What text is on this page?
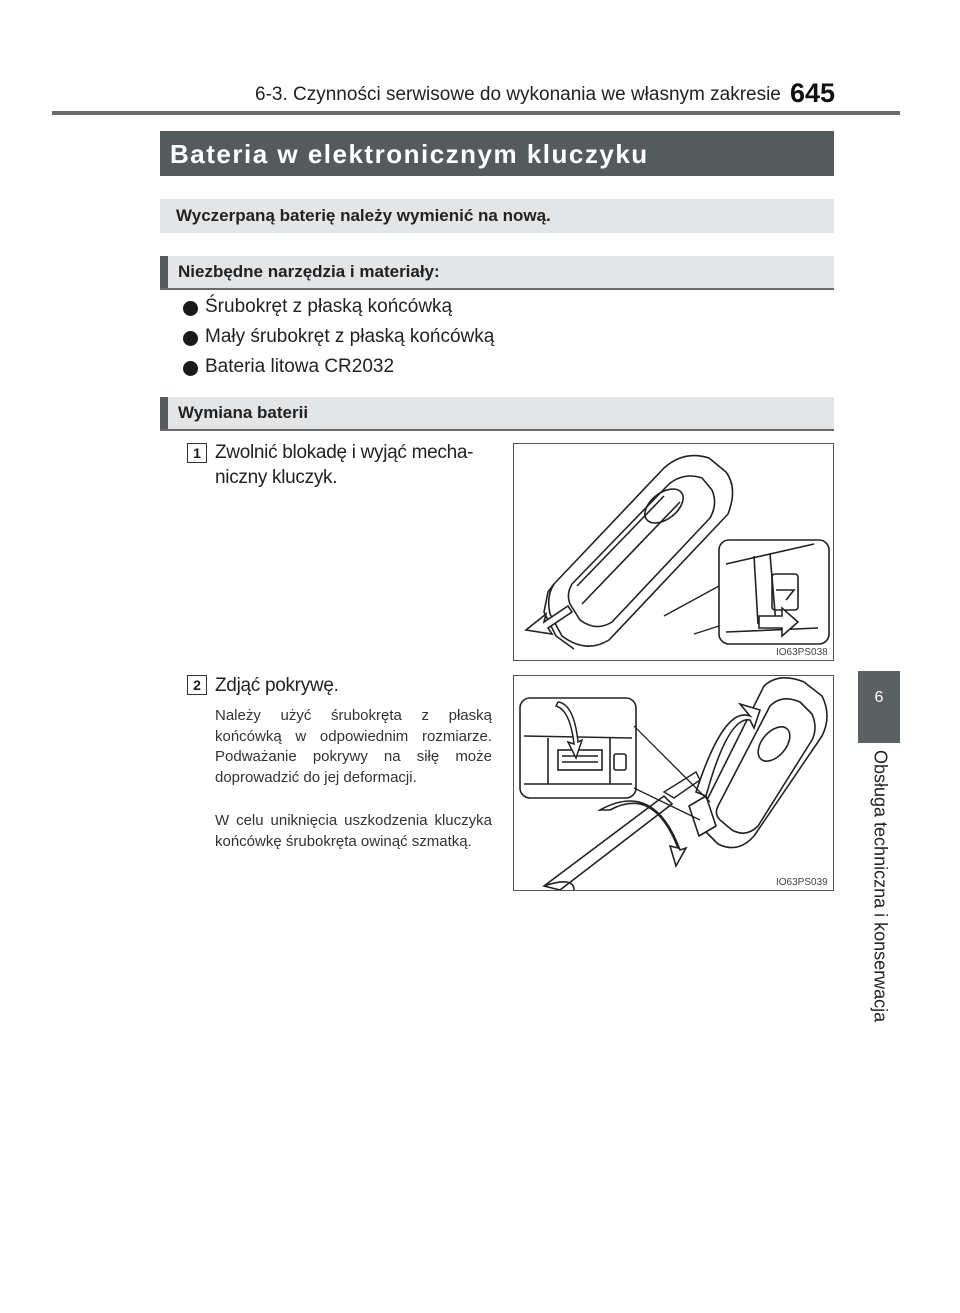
6-3. Czynności serwisowe do wykonania we własnym zakresie 645
6
Obsługa techniczna i konserwacja
Bateria w elektronicznym kluczyku
Wyczerpaną baterię należy wymienić na nową.
Niezbędne narzędzia i materiały:
Śrubokręt z płaską końcówką
Mały śrubokręt z płaską końcówką
Bateria litowa CR2032
Wymiana baterii
1 Zwolnić blokadę i wyjąć mecha-
niczny kluczyk.
IO63PS038
2 Zdjąć pokrywę.
Należy użyć śrubokręta z płaską końcówką w odpowiednim rozmiarze. Podważanie pokrywy na siłę może doprowadzić do jej deformacji.
W celu uniknięcia uszkodzenia kluczyka końcówkę śrubokręta owinąć szmatką.
IO63PS039
